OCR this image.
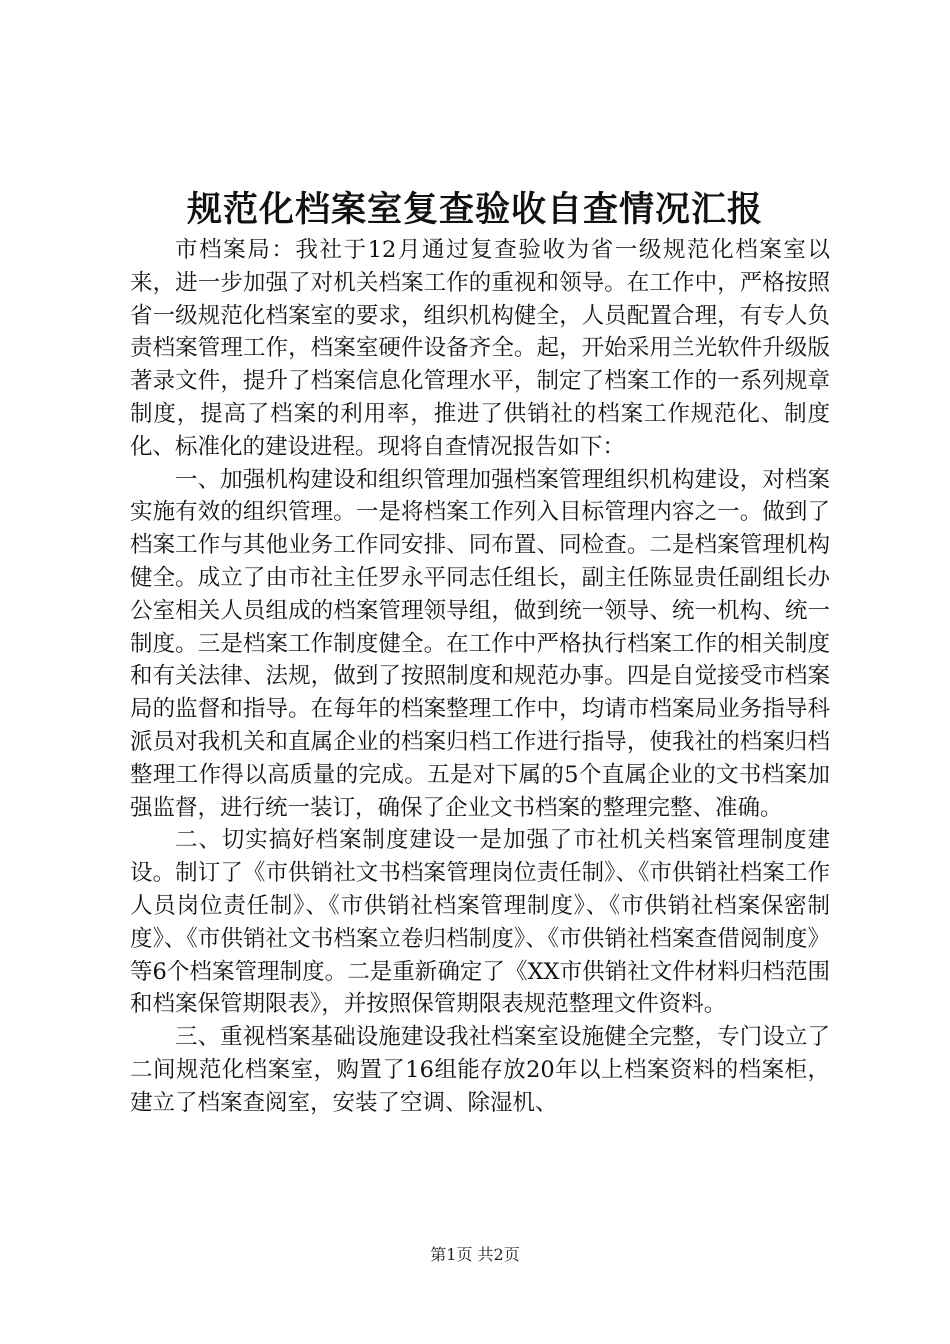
规范化档案室复查验收自查情况汇报

市档案局：我社于12月通过复查验收为省一级规范化档案室以来，进一步加强了对机关档案工作的重视和领导。在工作中，严格按照省一级规范化档案室的要求，组织机构健全，人员配置合理，有专人负责档案管理工作，档案室硬件设备齐全。起，开始采用兰光软件升级版著录文件，提升了档案信息化管理水平，制定了档案工作的一系列规章制度，提高了档案的利用率，推进了供销社的档案工作规范化、制度化、标准化的建设进程。现将自查情况报告如下：

一、加强机构建设和组织管理加强档案管理组织机构建设，对档案实施有效的组织管理。一是将档案工作列入目标管理内容之一。做到了档案工作与其他业务工作同安排、同布置、同检查。二是档案管理机构健全。成立了由市社主任罗永平同志任组长，副主任陈显贵任副组长办公室相关人员组成的档案管理领导组，做到统一领导、统一机构、统一制度。三是档案工作制度健全。在工作中严格执行档案工作的相关制度和有关法律、法规，做到了按照制度和规范办事。四是自觉接受市档案局的监督和指导。在每年的档案整理工作中，均请市档案局业务指导科派员对我机关和直属企业的档案归档工作进行指导，使我社的档案归档整理工作得以高质量的完成。五是对下属的5个直属企业的文书档案加强监督，进行统一装订，确保了企业文书档案的整理完整、准确。

二、切实搞好档案制度建设一是加强了市社机关档案管理制度建设。制订了《市供销社文书档案管理岗位责任制》、《市供销社档案工作人员岗位责任制》、《市供销社档案管理制度》、《市供销社档案保密制度》、《市供销社文书档案立卷归档制度》、《市供销社档案查借阅制度》等6个档案管理制度。二是重新确定了《XX市供销社文件材料归档范围和档案保管期限表》，并按照保管期限表规范整理文件资料。

三、重视档案基础设施建设我社档案室设施健全完整，专门设立了二间规范化档案室，购置了16组能存放20年以上档案资料的档案柜，建立了档案查阅室，安装了空调、除湿机、

第1页 共2页
